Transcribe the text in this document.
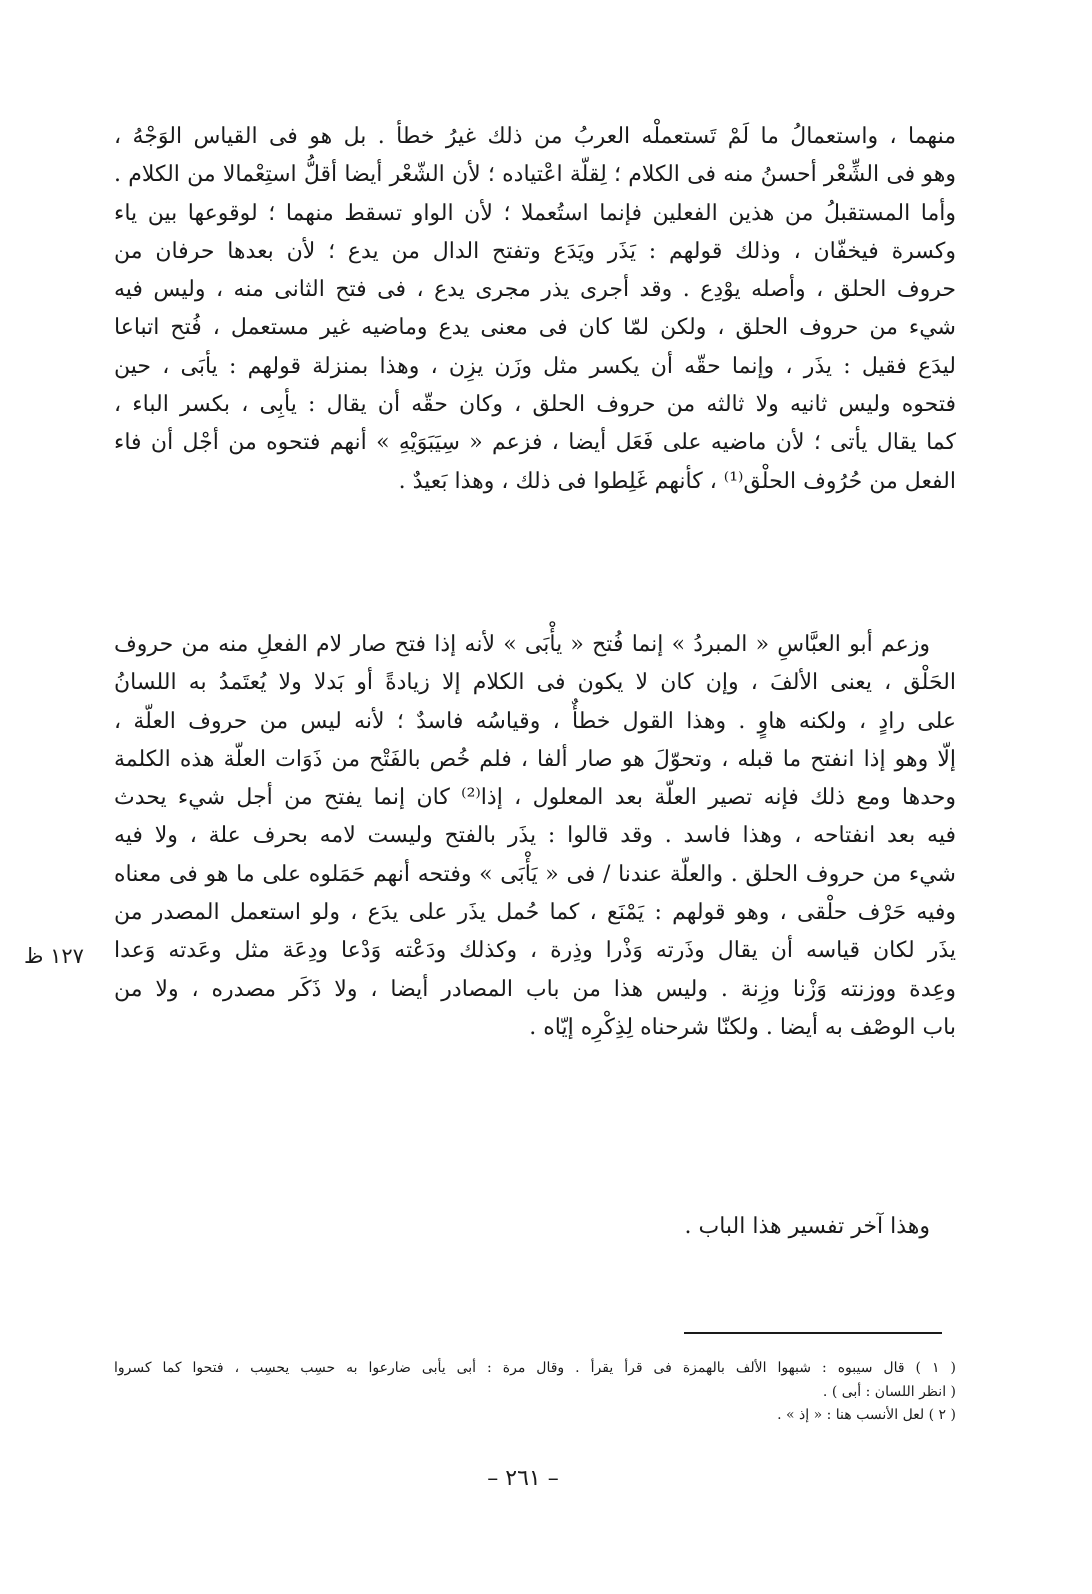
منهما ، واستعمالُ ما لَمْ تَستعملْه العربُ من ذلك غيرُ خطأ . بل هو فى القياس الوَجْهُ ،
وهو فى الشِّعْر أحسنُ منه فى الكلام ؛ لِقلّة اعْتياده ؛ لأن الشّعْر أيضا أقلُّ استِعْمالا من الكلام .
وأما المستقبلُ من هذين الفعلين فإنما استُعملا ؛ لأن الواو تسقط منهما ؛ لوقوعها بين ياء
وكسرة فيخفّان ، وذلك قولهم : يَذَر ويَدَع وتفتح الدال من يدع ؛ لأن بعدها حرفان من
حروف الحلق ، وأصله يوْدِع . وقد أجرى يذر مجرى يدع ، فى فتح الثانى منه ، وليس فيه
شيء من حروف الحلق ، ولكن لمّا كان فى معنى يدع وماضيه غير مستعمل ، فُتح اتباعا
ليدَع فقيل : يذَر ، وإنما حقّه أن يكسر مثل وزَن يزِن ، وهذا بمنزلة قولهم : يأبَى ، حين
فتحوه وليس ثانيه ولا ثالثه من حروف الحلق ، وكان حقّه أن يقال : يأبِى ، بكسر الباء ،
كما يقال يأتى ؛ لأن ماضيه على فَعَل أيضا ، فزعم « سِيَبَوَيْهِ » أنهم فتحوه من أجْل أن فاء
الفعل من حُرُوف الحلْق⁽¹⁾ ، كأنهم غَلِطوا فى ذلك ، وهذا بَعيدٌ .
وزعم أبو العبَّاسِ « المبردُ » إنما فُتح « يأْبَى » لأنه إذا فتح صار لام الفعلِ منه من حروف
الحَلْق ، يعنى الألفَ ، وإن كان لا يكون فى الكلام إلا زيادةً أو بَدلا ولا يُعتَمدُ به اللسانُ
على رادٍ ، ولكنه هاوٍ . وهذا القول خطأٌ ، وقياسُه فاسدٌ ؛ لأنه ليس من حروف العلّة ،
إلّا وهو إذا انفتح ما قبله ، وتحوّلَ هو صار ألفا ، فلم خُص بالفَتْح من ذَوَات العلّة هذه الكلمة
وحدها ومع ذلك فإنه تصير العلّة بعد المعلول ، إذا⁽²⁾ كان إنما يفتح من أجل شيء يحدث
فيه بعد انفتاحه ، وهذا فاسد . وقد قالوا : يذَر بالفتح وليست لامه بحرف علة ، ولا فيه
شيء من حروف الحلق . والعلّة عندنا / فى « يَأْبَى » وفتحه أنهم حَمَلوه على ما هو فى معناه
وفيه حَرْف حلْقى ، وهو قولهم : يَمْنَع ، كما حُمل يذَر على يدَع ، ولو استعمل المصدر من
يذَر لكان قياسه أن يقال وذَرته وَذْرا وذِرة ، وكذلك ودَعْته وَدْعا ودِعَة مثل وعَدته وَعدا
وعِدة ووزنته وَزْنا وزِنة . وليس هذا من باب المصادر أيضا ، ولا ذَكَر مصدره ، ولا من
باب الوصْف به أيضا . ولكنّا شرحناه لِذِكْرِه إيّاه .
وهذا آخر تفسير هذا الباب .
١٢٧ ظ
( ١ ) قال سيبوه : شبهوا الألف بالهمزة فى قرأ يقرأ . وقال مرة : أبى يأبى ضارعوا به حسِب يحسِب ، فتحوا كما كسروا
( انظر اللسان : أبى ) .
( ٢ ) لعل الأنسب هنا : « إذ » .
– ٢٦١ –
